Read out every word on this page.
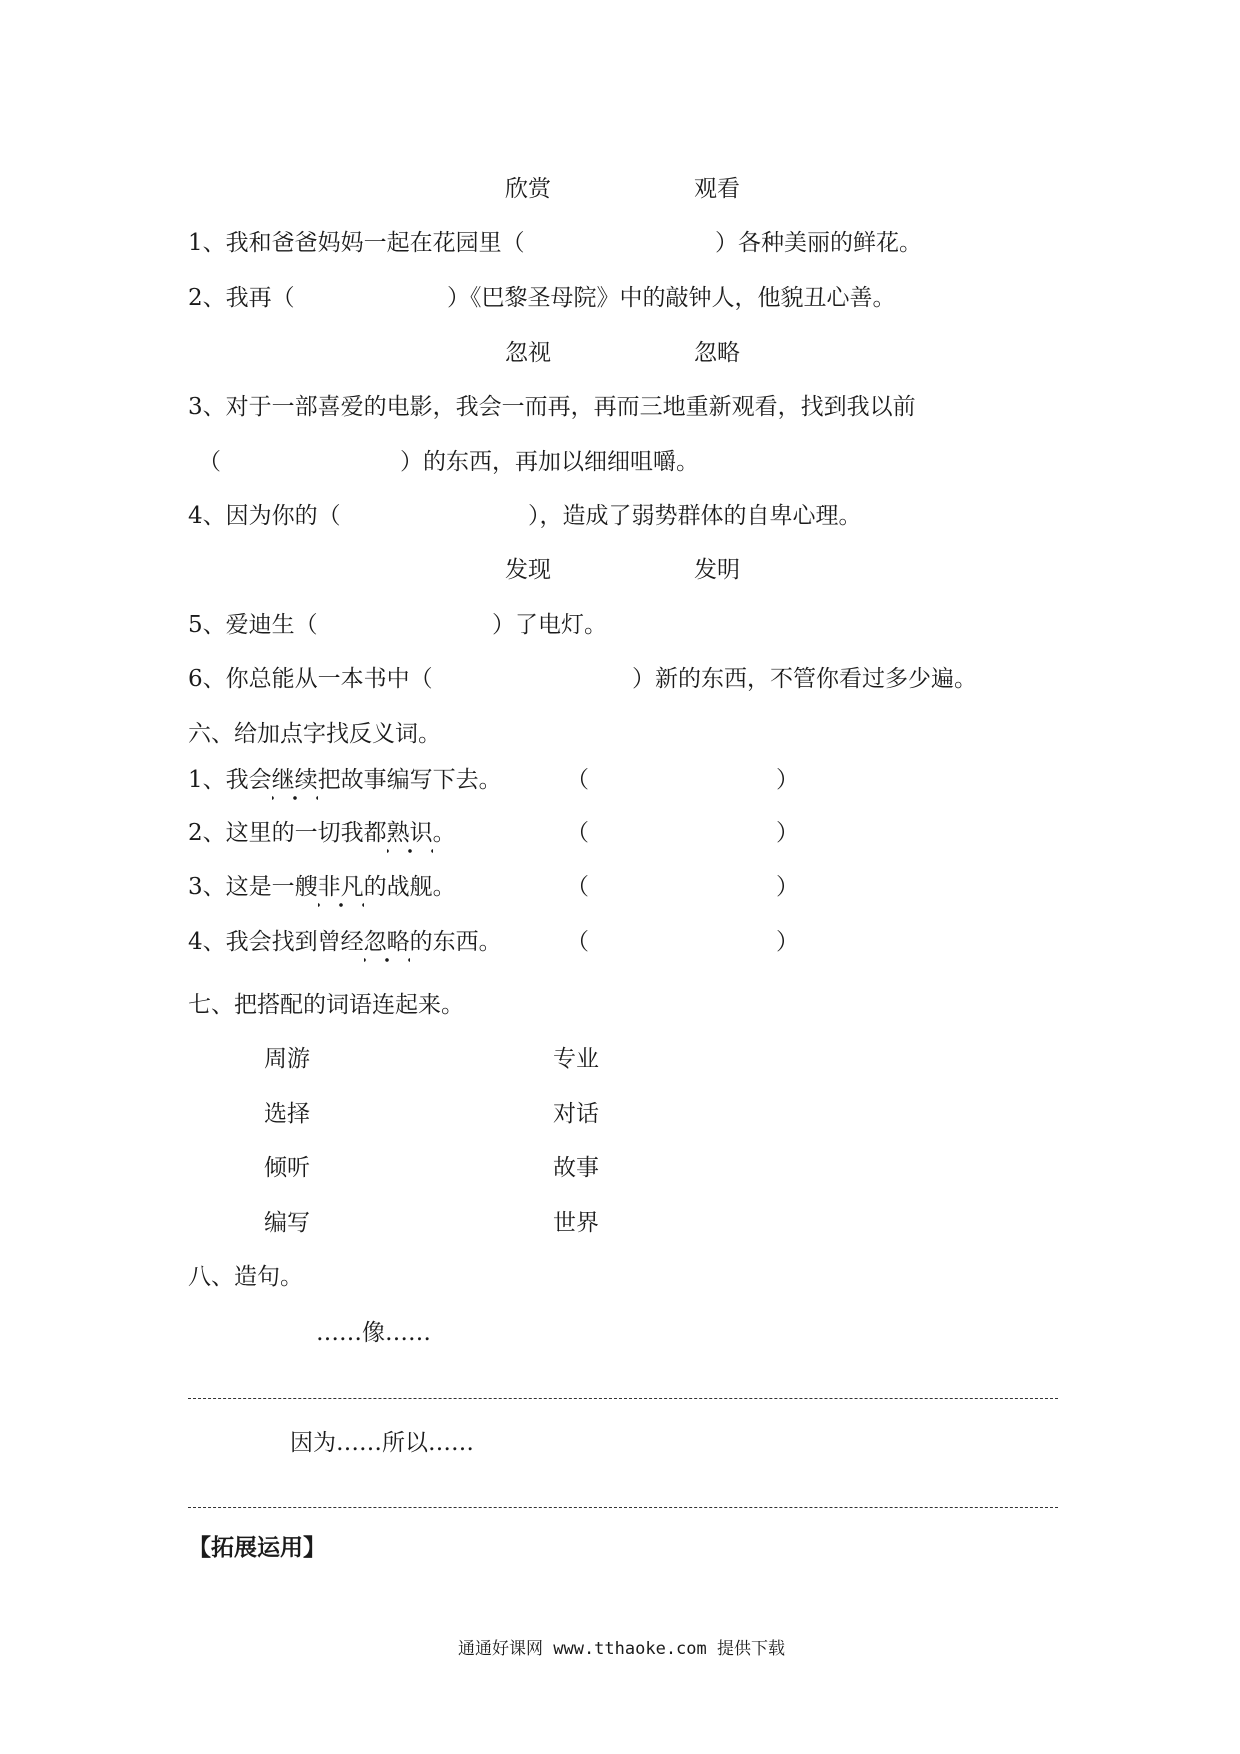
欣赏	观看
1、我和爸爸妈妈一起在花园里（	）各种美丽的鲜花。
2、我再（	）《巴黎圣母院》中的敲钟人，他貌丑心善。
忽视	忽略
3、对于一部喜爱的电影，我会一而再，再而三地重新观看，找到我以前
（	）的东西，再加以细细咀嚼。
4、因为你的（	），造成了弱势群体的自卑心理。
发现	发明
5、爱迪生（	）了电灯。
6、你总能从一本书中（	）新的东西，不管你看过多少遍。
六、给加点字找反义词。
1、我会继续把故事编写下去。	（	）
2、这里的一切我都熟识。	（	）
3、这是一艘非凡的战舰。	（	）
4、我会找到曾经忽略的东西。	（	）
七、把搭配的词语连起来。
周游	专业
选择	对话
倾听	故事
编写	世界
八、造句。
……像……
因为……所以……
【拓展运用】
通通好课网 www.tthaoke.com 提供下载
